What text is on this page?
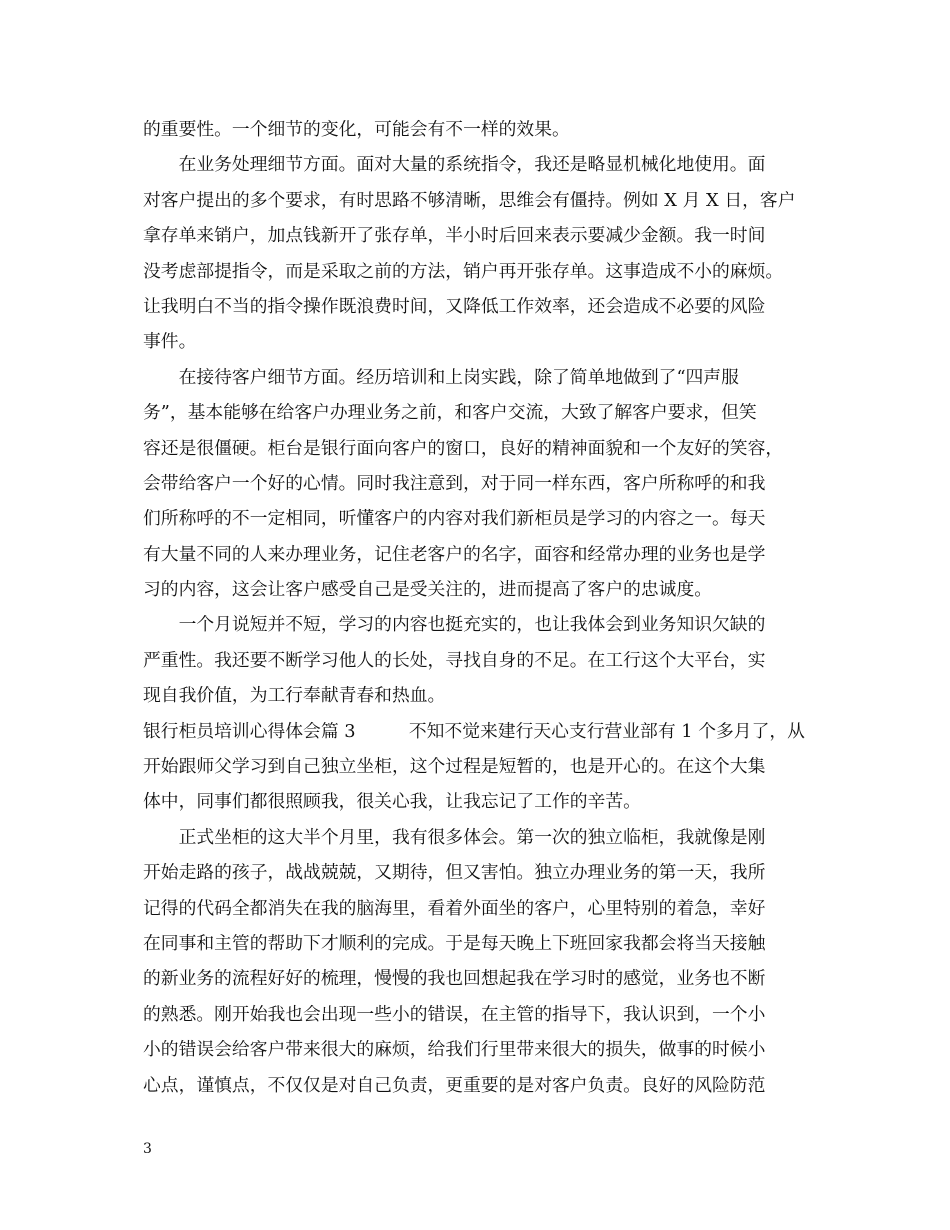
的重要性。一个细节的变化，可能会有不一样的效果。
　　在业务处理细节方面。面对大量的系统指令，我还是略显机械化地使用。面
对客户提出的多个要求，有时思路不够清晰，思维会有僵持。例如 X 月 X 日，客户
拿存单来销户，加点钱新开了张存单，半小时后回来表示要减少金额。我一时间
没考虑部提指令，而是采取之前的方法，销户再开张存单。这事造成不小的麻烦。
让我明白不当的指令操作既浪费时间，又降低工作效率，还会造成不必要的风险
事件。
　　在接待客户细节方面。经历培训和上岗实践，除了简单地做到了“四声服
务”，基本能够在给客户办理业务之前，和客户交流，大致了解客户要求，但笑
容还是很僵硬。柜台是银行面向客户的窗口，良好的精神面貌和一个友好的笑容，
会带给客户一个好的心情。同时我注意到，对于同一样东西，客户所称呼的和我
们所称呼的不一定相同，听懂客户的内容对我们新柜员是学习的内容之一。每天
有大量不同的人来办理业务，记住老客户的名字，面容和经常办理的业务也是学
习的内容，这会让客户感受自己是受关注的，进而提高了客户的忠诚度。
　　一个月说短并不短，学习的内容也挺充实的，也让我体会到业务知识欠缺的
严重性。我还要不断学习他人的长处，寻找自身的不足。在工行这个大平台，实
现自我价值，为工行奉献青春和热血。
银行柜员培训心得体会篇 3　　　不知不觉来建行天心支行营业部有 1 个多月了，从
开始跟师父学习到自己独立坐柜，这个过程是短暂的，也是开心的。在这个大集
体中，同事们都很照顾我，很关心我，让我忘记了工作的辛苦。
　　正式坐柜的这大半个月里，我有很多体会。第一次的独立临柜，我就像是刚
开始走路的孩子，战战兢兢，又期待，但又害怕。独立办理业务的第一天，我所
记得的代码全都消失在我的脑海里，看着外面坐的客户，心里特别的着急，幸好
在同事和主管的帮助下才顺利的完成。于是每天晚上下班回家我都会将当天接触
的新业务的流程好好的梳理，慢慢的我也回想起我在学习时的感觉，业务也不断
的熟悉。刚开始我也会出现一些小的错误，在主管的指导下，我认识到，一个小
小的错误会给客户带来很大的麻烦，给我们行里带来很大的损失，做事的时候小
心点，谨慎点，不仅仅是对自己负责，更重要的是对客户负责。良好的风险防范
3
